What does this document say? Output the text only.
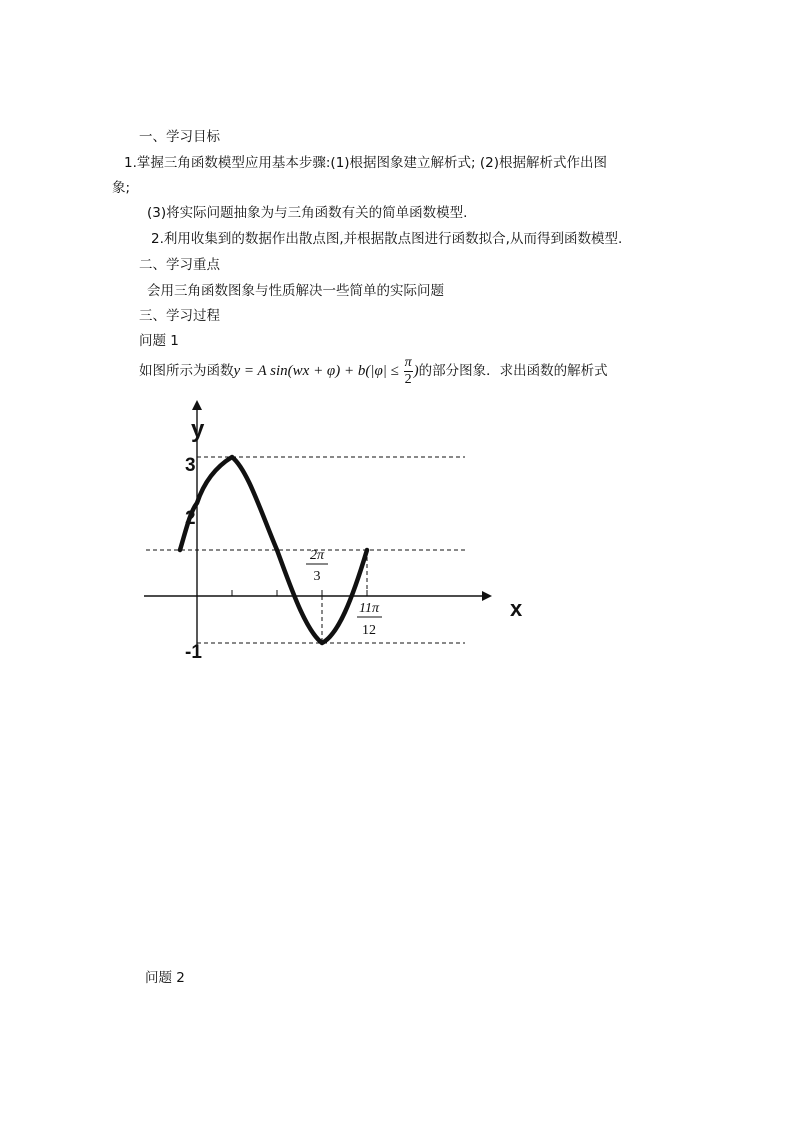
一、学习目标
1.掌握三角函数模型应用基本步骤:(1)根据图象建立解析式; (2)根据解析式作出图
象;
(3)将实际问题抽象为与三角函数有关的简单函数模型.
2.利用收集到的数据作出散点图,并根据散点图进行函数拟合,从而得到函数模型.
二、学习重点
会用三角函数图象与性质解决一些简单的实际问题
三、学习过程
问题 1
如图所示为函数y = A $\sin(wx + \varphi) + b(|\varphi| \le \frac{\pi}{2}$ )的部分图象．求出函数的解析式
y
x
3
2
-1
2π
3
11π
12
问题 2
